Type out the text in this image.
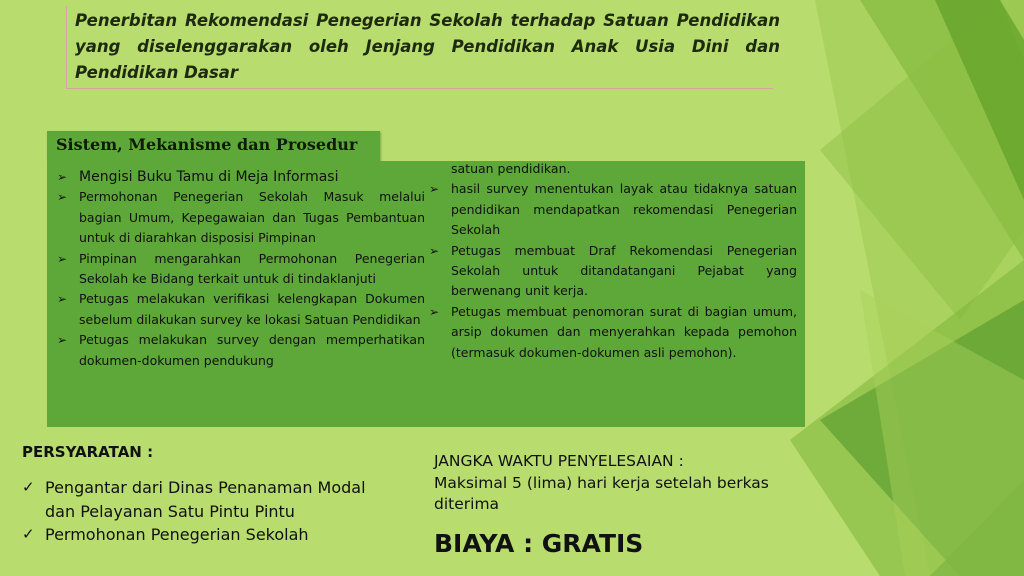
Penerbitan Rekomendasi Penegerian Sekolah terhadap Satuan Pendidikan yang diselenggarakan oleh Jenjang Pendidikan Anak Usia Dini dan Pendidikan Dasar
Sistem, Mekanisme dan Prosedur
➢ Mengisi Buku Tamu di Meja Informasi
➢ Permohonan Penegerian Sekolah Masuk melalui bagian Umum, Kepegawaian dan Tugas Pembantuan untuk di diarahkan disposisi Pimpinan
➢ Pimpinan mengarahkan Permohonan Penegerian Sekolah ke Bidang terkait untuk di tindaklanjuti
➢ Petugas melakukan verifikasi kelengkapan Dokumen sebelum dilakukan survey ke lokasi Satuan Pendidikan
➢ Petugas melakukan survey dengan memperhatikan dokumen-dokumen pendukung
satuan pendidikan.
➢ hasil survey menentukan layak atau tidaknya satuan pendidikan mendapatkan rekomendasi Penegerian Sekolah
➢ Petugas membuat Draf Rekomendasi Penegerian Sekolah untuk ditandatangani Pejabat yang berwenang unit kerja.
➢ Petugas membuat penomoran surat di bagian umum, arsip dokumen dan menyerahkan kepada pemohon (termasuk dokumen-dokumen asli pemohon).
PERSYARATAN :
✓ Pengantar dari Dinas Penanaman Modal dan Pelayanan Satu Pintu Pintu
✓ Permohonan Penegerian Sekolah
JANGKA WAKTU PENYELESAIAN :
Maksimal 5 (lima) hari kerja setelah berkas diterima
BIAYA : GRATIS
